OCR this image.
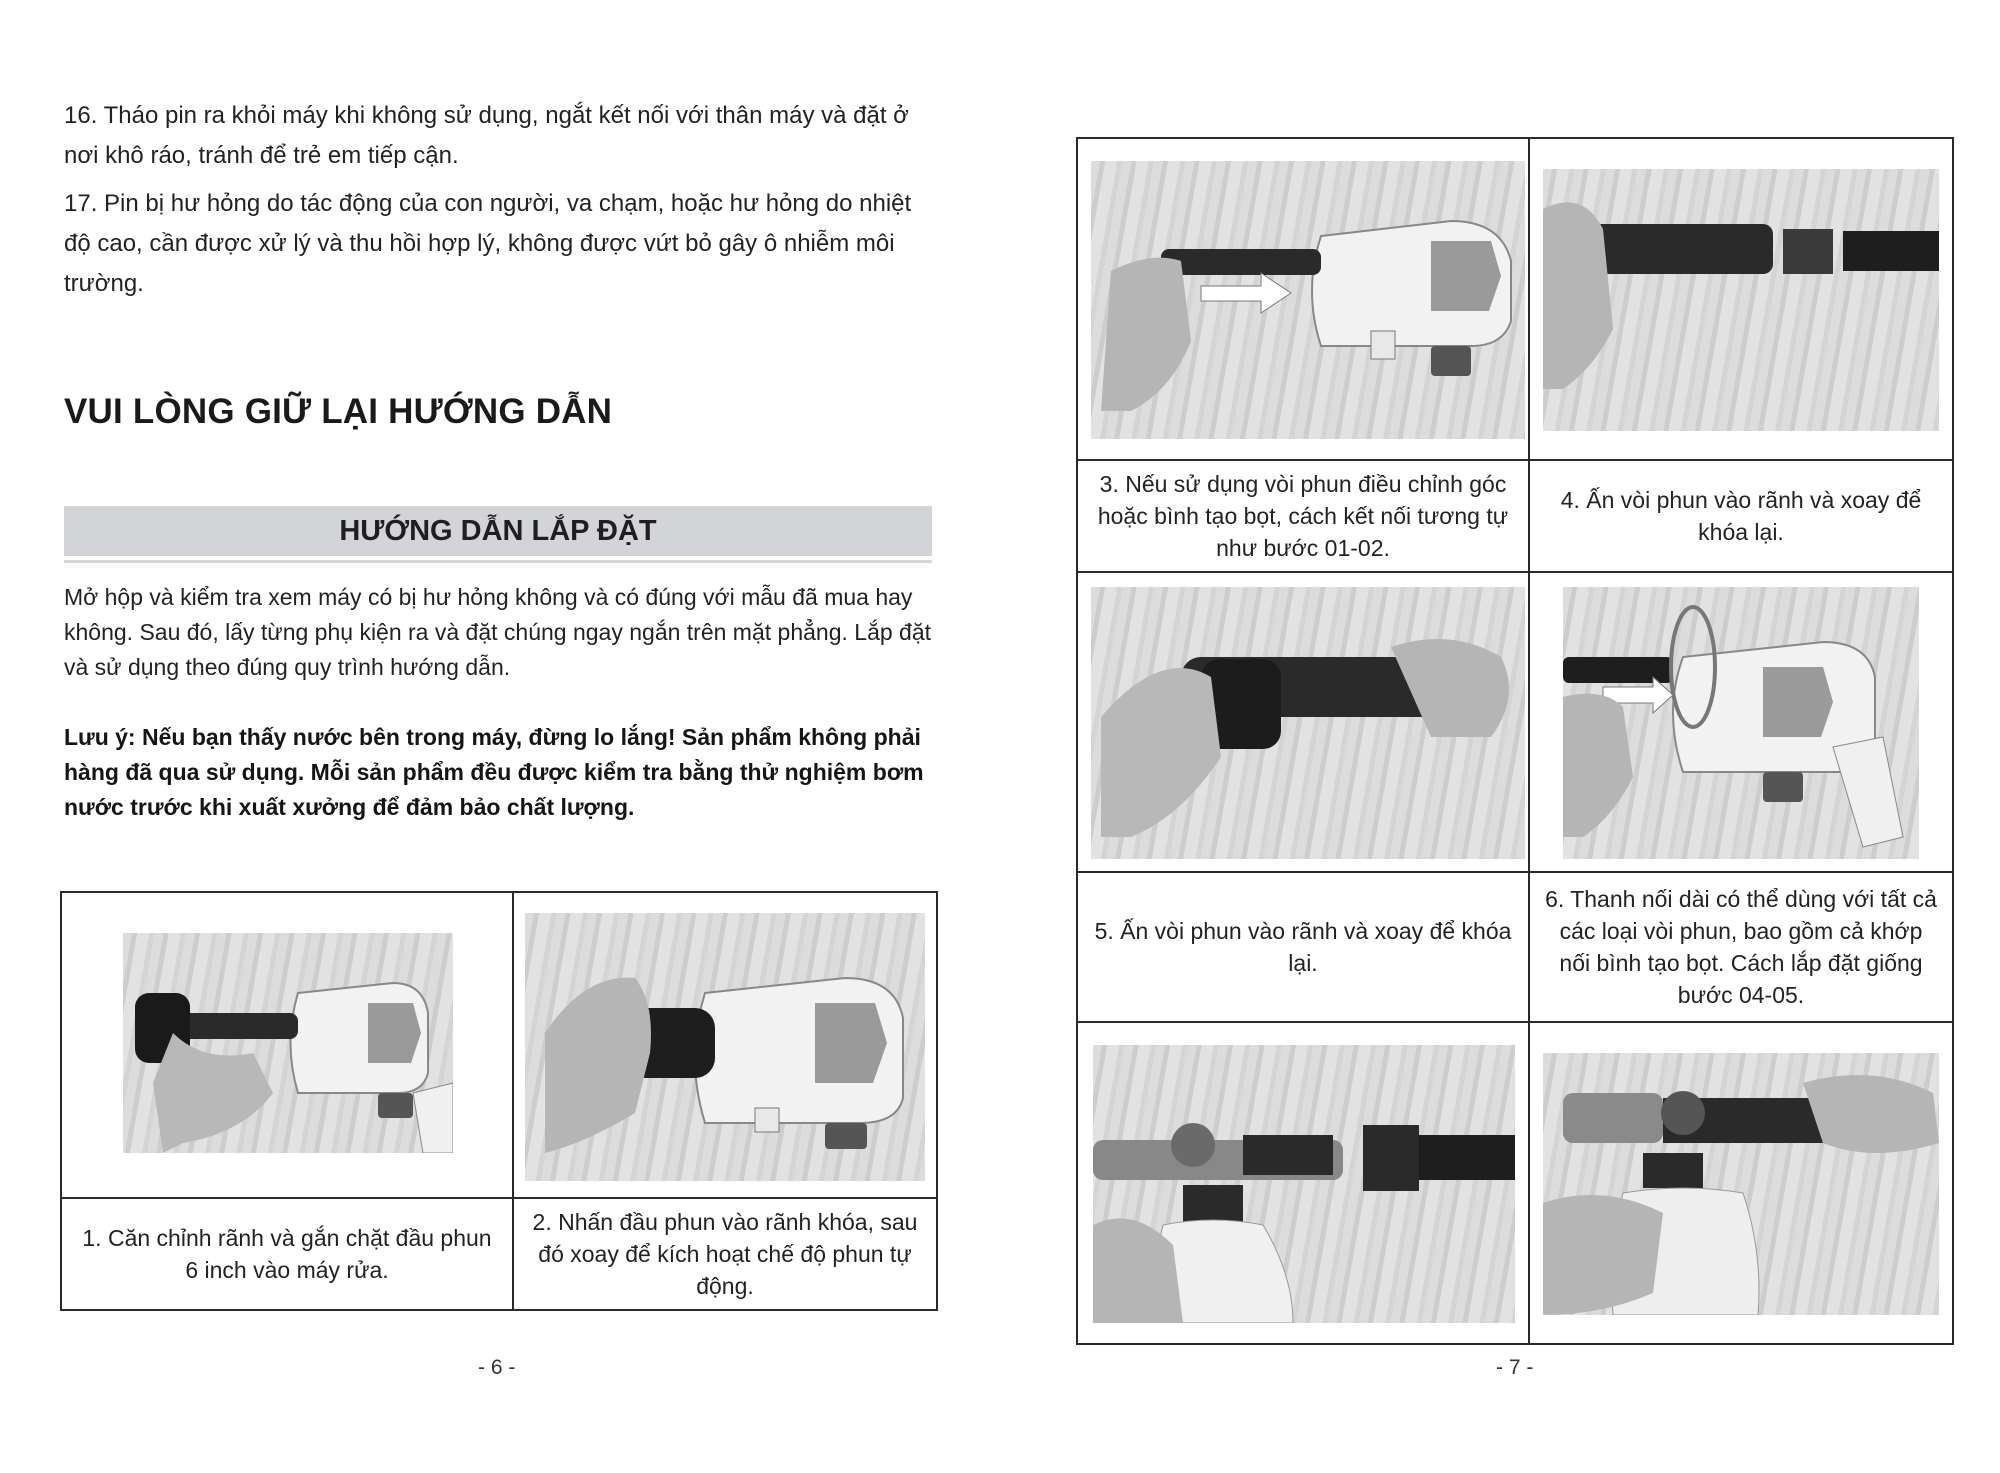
16. Tháo pin ra khỏi máy khi không sử dụng, ngắt kết nối với thân máy và đặt ở nơi khô ráo, tránh để trẻ em tiếp cận.

17. Pin bị hư hỏng do tác động của con người, va chạm, hoặc hư hỏng do nhiệt độ cao, cần được xử lý và thu hồi hợp lý, không được vứt bỏ gây ô nhiễm môi trường.

VUI LÒNG GIỮ LẠI HƯỚNG DẪN
HƯỚNG DẪN LẮP ĐẶT

Mở hộp và kiểm tra xem máy có bị hư hỏng không và có đúng với mẫu đã mua hay không. Sau đó, lấy từng phụ kiện ra và đặt chúng ngay ngắn trên mặt phẳng. Lắp đặt và sử dụng theo đúng quy trình hướng dẫn.

Lưu ý: Nếu bạn thấy nước bên trong máy, đừng lo lắng! Sản phẩm không phải hàng đã qua sử dụng. Mỗi sản phẩm đều được kiểm tra bằng thử nghiệm bơm nước trước khi xuất xưởng để đảm bảo chất lượng.

1. Căn chỉnh rãnh và gắn chặt đầu phun 6 inch vào máy rửa.	2. Nhấn đầu phun vào rãnh khóa, sau đó xoay để kích hoạt chế độ phun tự động.
- 6 -

3. Nếu sử dụng vòi phun điều chỉnh góc hoặc bình tạo bọt, cách kết nối tương tự như bước 01-02.	4. Ấn vòi phun vào rãnh và xoay để khóa lại.

5. Ấn vòi phun vào rãnh và xoay để khóa lại.	6. Thanh nối dài có thể dùng với tất cả các loại vòi phun, bao gồm cả khớp nối bình tạo bọt. Cách lắp đặt giống bước 04-05.

- 7 -
